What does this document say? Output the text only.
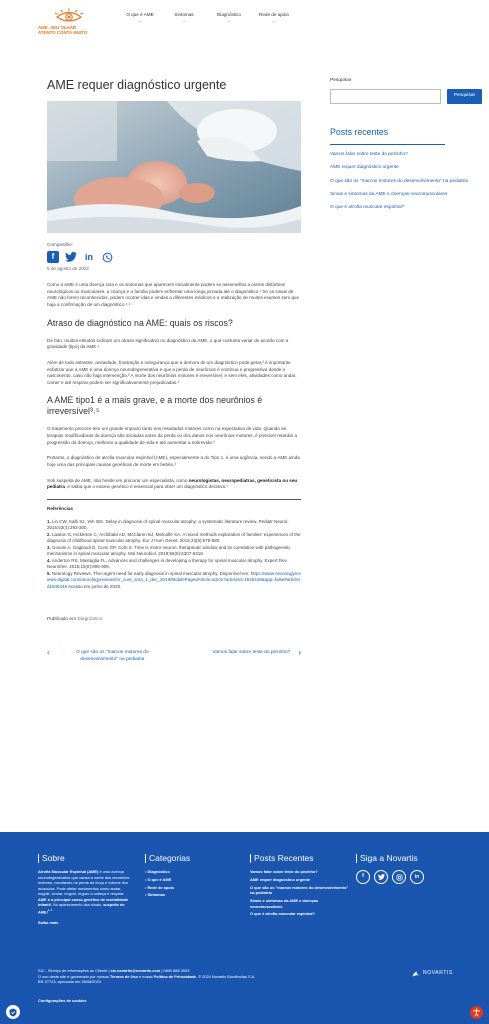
AME. SEU OLHAR
ATENTO CONTA MUITO
O que é AME
⌄
Sintomas
⌄
Diagnóstico
⌄
Rede de apoio
⌄
AME requer diagnóstico urgente
Compartilhe:
f	in
5 de agosto de 2022

Como a AME é uma doença rara e os sintomas que aparecem inicialmente podem se assemelhar a outros distúrbios neurológicos ou musculares, a criança e a família podem enfrentar uma longa jornada até o diagnóstico.¹ Se os sinais de AME não forem reconhecidos, podem ocorrer idas e vindas a diferentes médicos e a realização de muitos exames sem que haja a confirmação de um diagnóstico.¹˒²

Atraso de diagnóstico na AME: quais os riscos?

De fato, muitos estudos indicam um atraso significativo no diagnóstico da AME, o que costuma variar de acordo com a gravidade (tipo) da AME.¹

Além de todo estresse, ansiedade, frustração e insegurança que a demora de um diagnóstico pode gerar,² é importante enfatizar que a AME é uma doença neurodegenerativa e que a perda de neurônios é contínua e progressiva desde o nascimento, caso não haja intervenção.³ A morte dos neurônios motores é irreversível, e sem eles, atividades como andar, comer e até respirar podem ser significativamente prejudicadas.⁴

A AME tipo1 é a mais grave, e a morte dos neurônios é irreversível³˒⁵

O tratamento precoce tem um grande impacto tanto nos resultados motores como na expectativa de vida. Quando as terapias modificadoras da doença são iniciadas antes da perda ou dos danos nos neurônios motores, é possível retardar a progressão da doença, melhorar a qualidade de vida e até aumentar a sobrevida.³

Portanto, o diagnóstico de atrofia muscular espinhal (AME), especialmente a do Tipo 1, é uma urgência, sendo a AME ainda hoje uma das principais causas genéticas de morte em bebês.³

Sob suspeita de AME, não hesite em procurar um especialista, como neurologistas, neuropediatras, geneticista ou seu pediatra, e saiba que o exame genético é essencial para obter um diagnóstico decisivo.¹

Referências
1. Lin CW, Kalb SJ, Yeh WS. Delay in diagnosis of spinal muscular atrophy: a systematic literature review. Pediatr Neurol. 2015;53(4):293-300.
2. Lawton S, Hickerton C, Archibald AD, McClaren BJ, Metcalfe SA. A mixed methods exploration of families' experiences of the diagnosis of childhood spinal muscular atrophy. Eur J Hum Genet. 2015;23(5):575-580.
3. Govoni A, Gagliardi D, Comi GP, Corti S. Time is motor neuron: therapeutic window and its correlation with pathogenetic mechanisms in spinal muscular atrophy. Mol Neurobiol. 2018;55(8):6307-6318.
4. Anderton RS, Mastaglia FL. Advances and challenges in developing a therapy for spinal muscular atrophy. Expert Rev Neurother. 2015;15(8):895-908.
5. Neurology Reviews. The urgent need for early diagnosis in spinal muscular atrophy. Disponível em: https://www.neurologyreviews-digital.com/neurologyreviews/nr_cure_sma_1_dec_2019/MobilePagedArticle.action?articleId=1546448&app=false#articleId1546448 Acesso em junho de 2020.
Publicado em Diagnóstico
‹	O que são os "marcos motores do desenvolvimento" na pediatria
Vamos falar sobre teste do pezinho? ›
Pesquisar
Pesquisar
Posts recentes
Vamos falar sobre teste do pezinho?
AME requer diagnóstico urgente
O que são os "marcos motores do desenvolvimento" na pediatria
Sinais e sintomas da AME e doenças neuromusculares
O que é atrofia muscular espinhal?
Sobre
Atrofia Muscular Espinhal (AME) é uma doença neurodegenerativa que causa a morte dos neurônios motores, resultando na perda da força e volume dos músculos. Pode afetar movimentos como andar, engolir, sentar, engolir, erguer a cabeça e respirar. AME é a principal causa genética de mortalidade infantil. No aparecimento dos sinais, suspeite de AME!$^{1-3}$
Saiba mais
Categorias
• Diagnóstico
• O que é AME
• Rede de apoio
• Sintomas
Posts Recentes
Vamos falar sobre teste do pezinho?
AME requer diagnóstico urgente
O que são os "marcos motores do desenvolvimento" na pediatria
Sinais e sintomas da AME e doenças neuromusculares
O que é atrofia muscular espinhal?
Siga a Novartis
f	in
SIC - Serviço de Informações ao Cliente | sic.novartis@novartis.com | 0800 888 3003
O uso deste site é governado por nossos Termos de Uso e nossa Política de Privacidade. © 2024 Novartis Biociências S.A.
BR-27743, aprovado em 25/08/2023
NOVARTIS
Configurações de cookies
